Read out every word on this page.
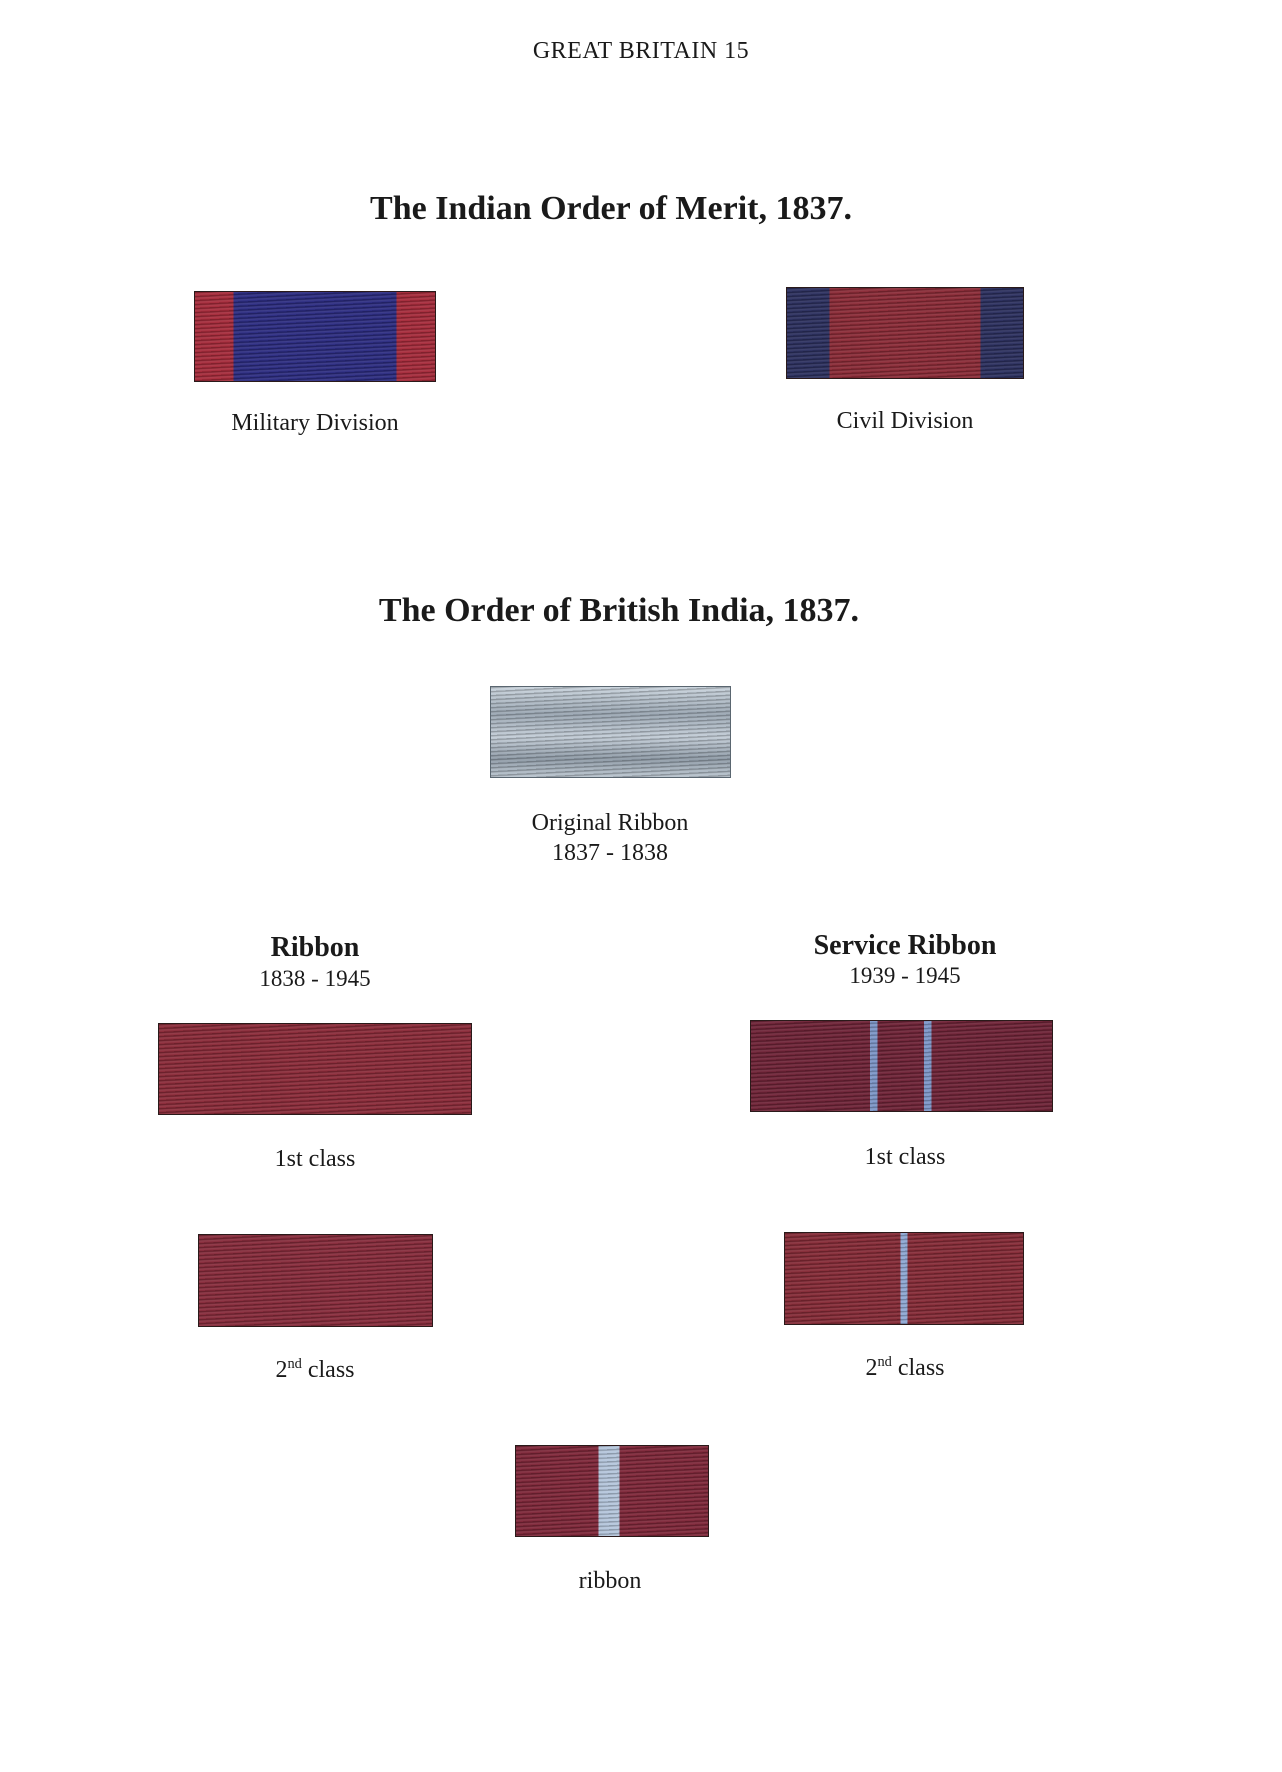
GREAT BRITAIN 15
The Indian Order of Merit, 1837.
Military Division	Civil Division
The Order of British India, 1837.
Original Ribbon
1837 - 1838
Ribbon
1838 - 1945
Service Ribbon
1939 - 1945
1st class	1st class
2nd class	2nd class
ribbon
